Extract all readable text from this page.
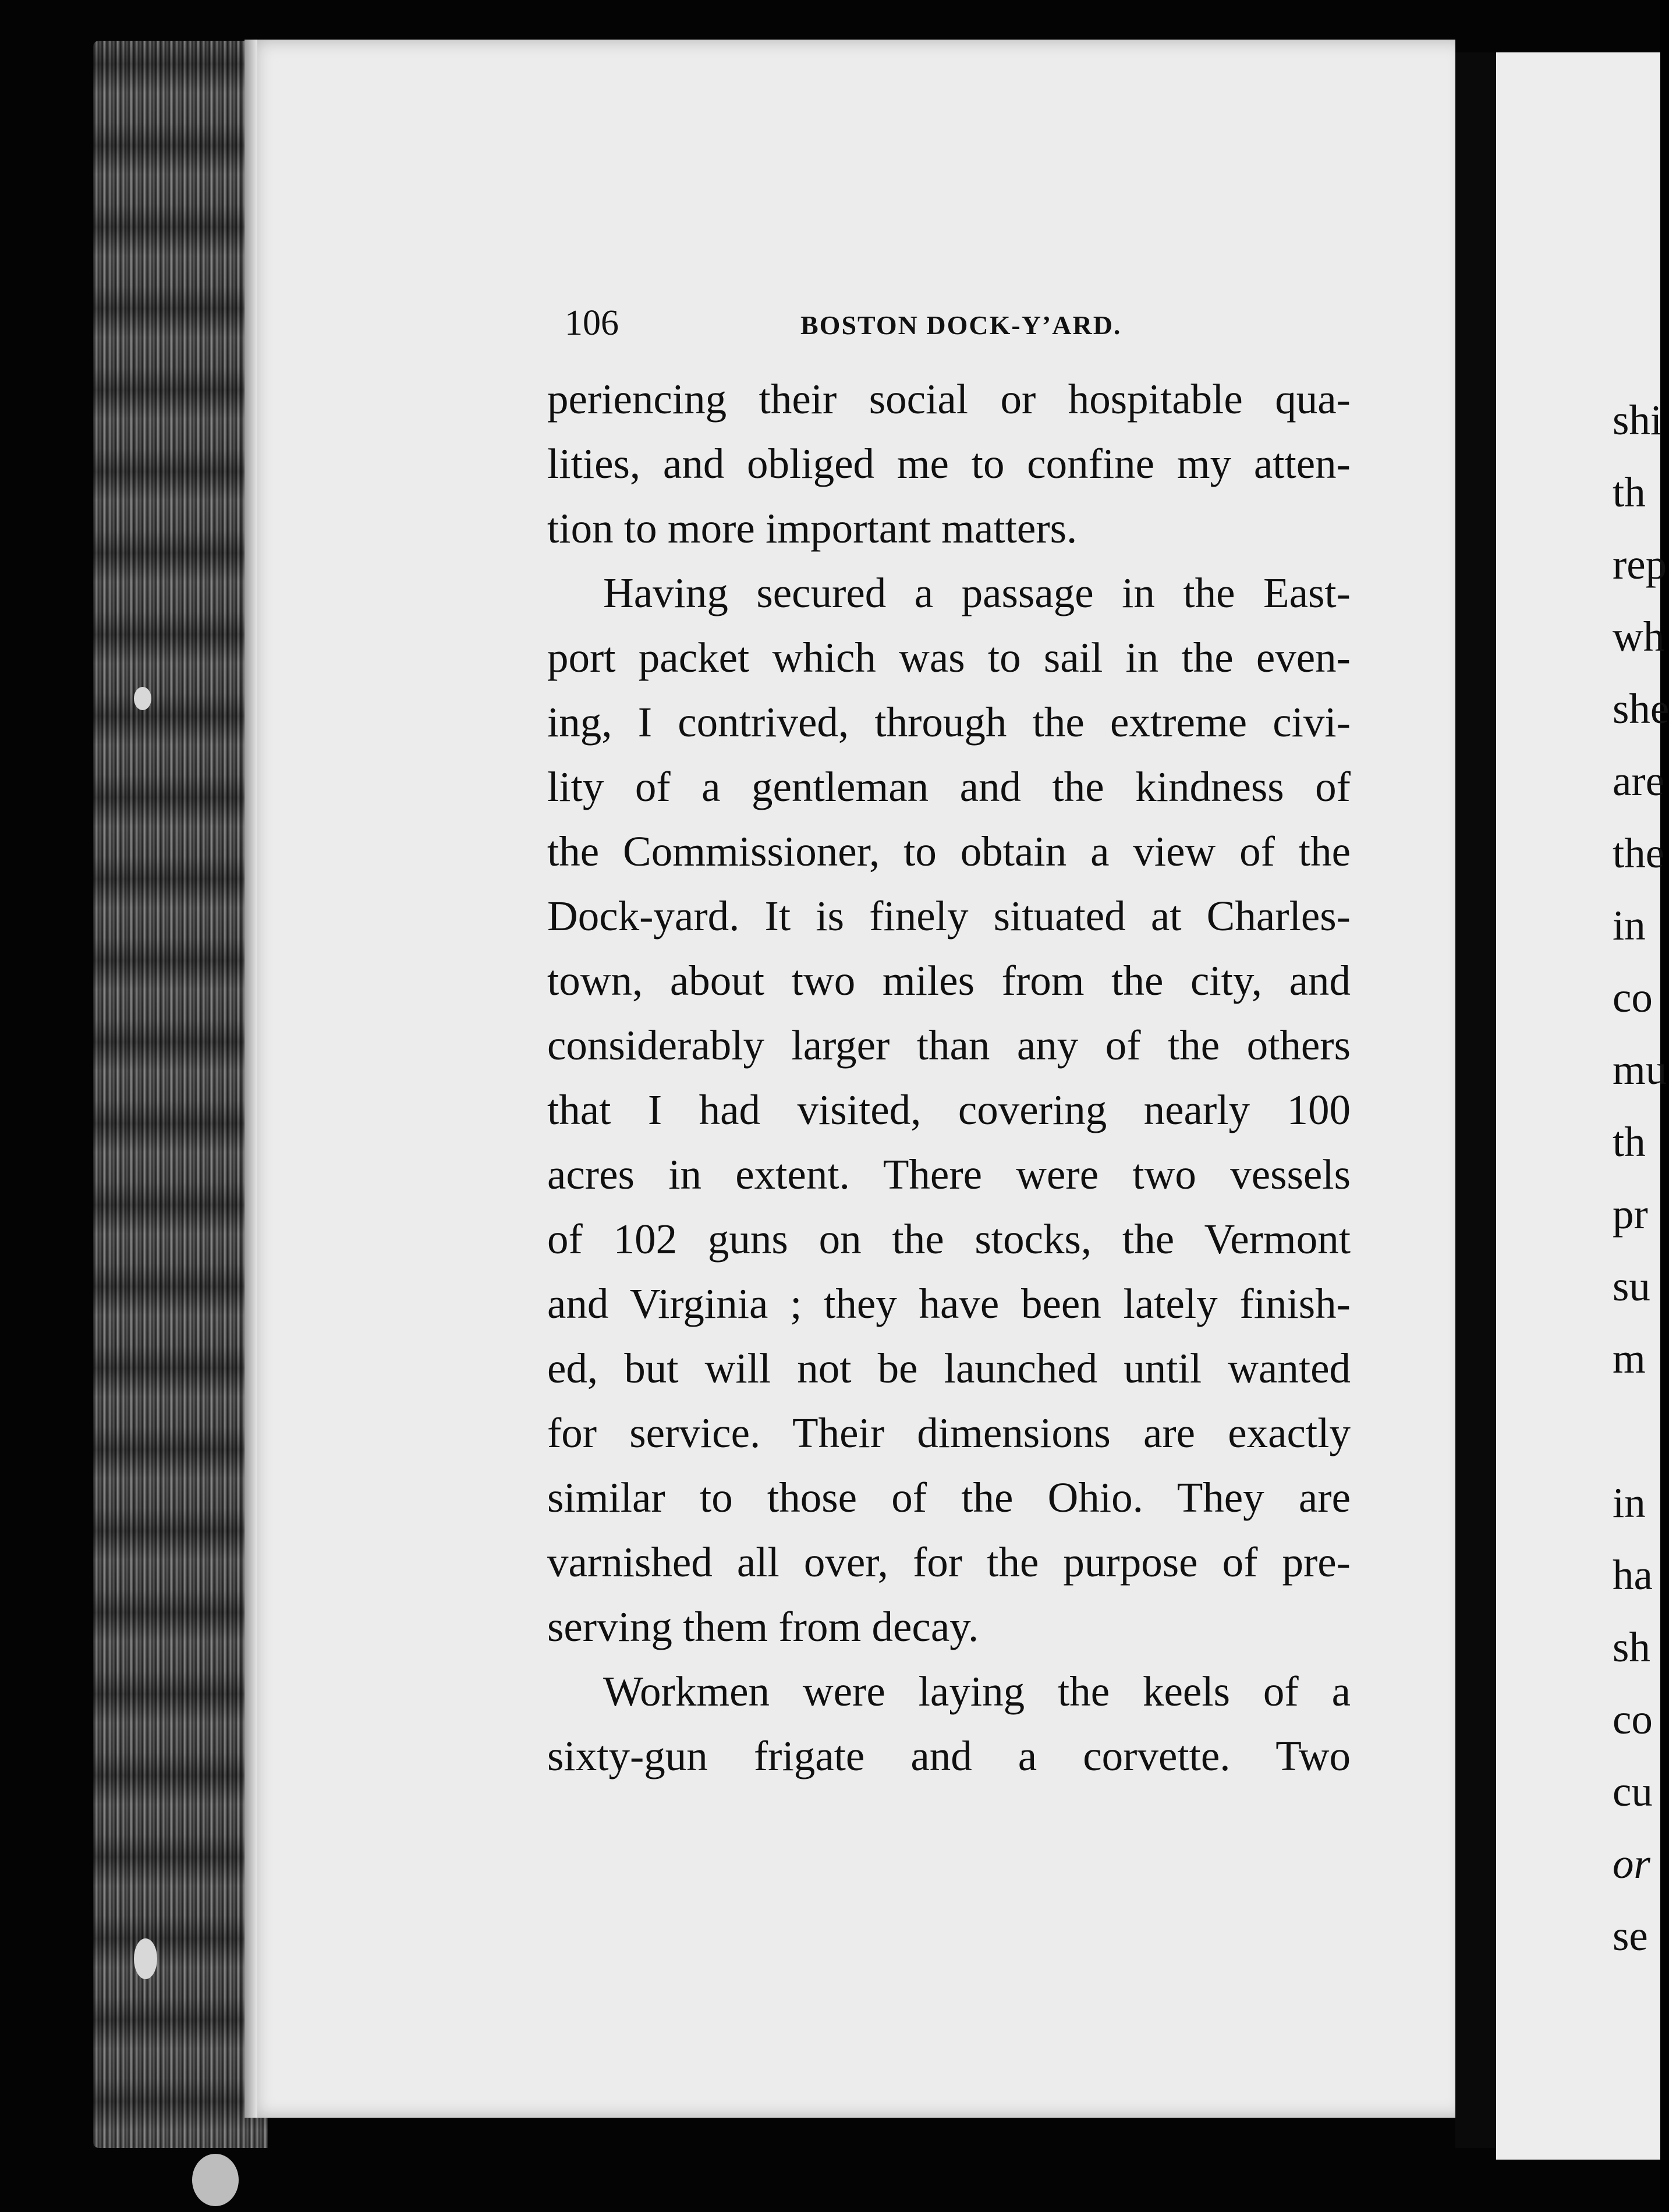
106	BOSTON DOCK-Y’ARD.
periencing their social or hospitable qua-
lities, and obliged me to confine my atten-
tion to more important matters.
Having secured a passage in the East-
port packet which was to sail in the even-
ing, I contrived, through the extreme civi-
lity of a gentleman and the kindness of
the Commissioner, to obtain a view of the
Dock-yard. It is finely situated at Charles-
town, about two miles from the city, and
considerably larger than any of the others
that I had visited, covering nearly 100
acres in extent. There were two vessels
of 102 guns on the stocks, the Vermont
and Virginia ; they have been lately finish-
ed, but will not be launched until wanted
for service. Their dimensions are exactly
similar to those of the Ohio. They are
varnished all over, for the purpose of pre-
serving them from decay.
Workmen were laying the keels of a
sixty-gun frigate and a corvette. Two
shi
th
rep
wh
she
are
the
in
co
mu
th
pr
su
m
in
ha
sh
co
cu
or
se
